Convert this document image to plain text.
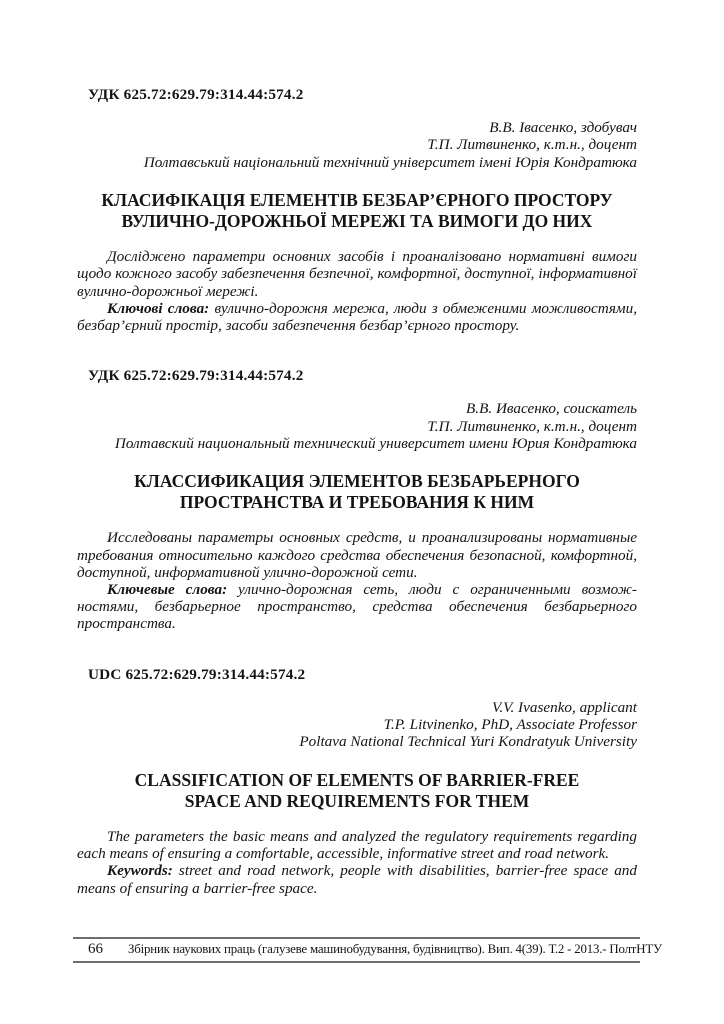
УДК 625.72:629.79:314.44:574.2
В.В. Івасенко, здобувач
Т.П. Литвиненко, к.т.н., доцент
Полтавський національний технічний університет імені Юрія Кондратюка
КЛАСИФІКАЦІЯ ЕЛЕМЕНТІВ БЕЗБАР’ЄРНОГО ПРОСТОРУ
ВУЛИЧНО-ДОРОЖНЬОЇ МЕРЕЖІ ТА ВИМОГИ ДО НИХ
Досліджено параметри основних засобів і проаналізовано нормативні вимоги
щодо кожного засобу забезпечення безпечної, комфортної, доступної, інформативної
вулично-дорожньої мережі.
Ключові слова: вулично-дорожня мережа, люди з обмеженими можливостями,
безбар’єрний простір, засоби забезпечення безбар’єрного простору.
УДК 625.72:629.79:314.44:574.2
В.В. Ивасенко, соискатель
Т.П. Литвиненко, к.т.н., доцент
Полтавский национальный технический университет имени Юрия Кондратюка
КЛАССИФИКАЦИЯ ЭЛЕМЕНТОВ БЕЗБАРЬЕРНОГО
ПРОСТРАНСТВА И ТРЕБОВАНИЯ К НИМ
Исследованы параметры основных средств, и проанализированы нормативные
требования относительно каждого средства обеспечения безопасной, комфортной,
доступной, информативной улично-дорожной сети.
Ключевые слова: улично-дорожная сеть, люди с ограниченными возмож-
ностями, безбарьерное пространство, средства обеспечения безбарьерного
пространства.
UDC 625.72:629.79:314.44:574.2
V.V. Ivasenko, applicant
T.P. Litvinenko, PhD, Associate Professor
Poltava National Technical Yuri Kondratyuk University
CLASSIFICATION OF ELEMENTS OF BARRIER-FREE
SPACE AND REQUIREMENTS FOR THEM
The parameters the basic means and analyzed the regulatory requirements regarding
each means of ensuring a comfortable, accessible, informative street and road network.
Keywords: street and road network, people with disabilities, barrier-free space and
means of ensuring a barrier-free space.
66	Збірник наукових праць (галузеве машинобудування, будівництво). Вип. 4(39). Т.2 - 2013.- ПолтНТУ
